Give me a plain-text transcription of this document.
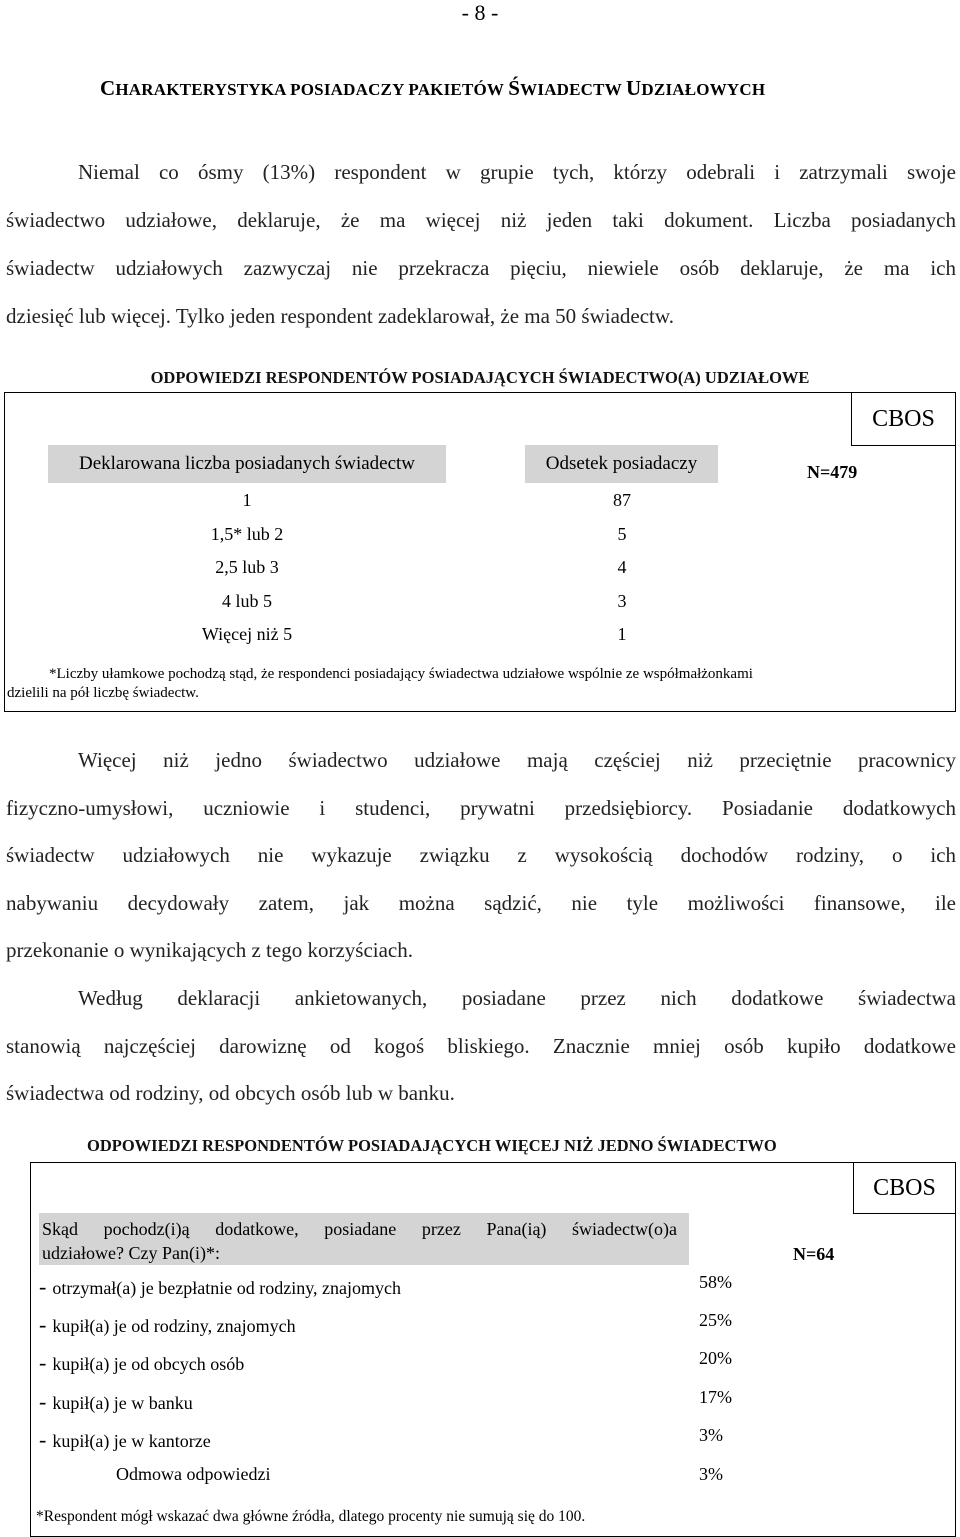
- 8 -
CHARAKTERYSTYKA POSIADACZY PAKIETÓW ŚWIADECTW UDZIAŁOWYCH
Niemal co ósmy (13%) respondent w grupie tych, którzy odebrali i zatrzymali swoje
świadectwo udziałowe, deklaruje, że ma więcej niż jeden taki dokument. Liczba posiadanych
świadectw udziałowych zazwyczaj nie przekracza pięciu, niewiele osób deklaruje, że ma ich
dziesięć lub więcej. Tylko jeden respondent zadeklarował, że ma 50 świadectw.
ODPOWIEDZI RESPONDENTÓW POSIADAJĄCYCH ŚWIADECTWO(A) UDZIAŁOWE
CBOS
Deklarowana liczba posiadanych świadectw	Odsetek posiadaczy	N=479
1	87
1,5* lub 2	5
2,5 lub 3	4
4 lub 5	3
Więcej niż 5	1
*Liczby ułamkowe pochodzą stąd, że respondenci posiadający świadectwa udziałowe wspólnie ze współmałżonkami
dzielili na pół liczbę świadectw.
Więcej niż jedno świadectwo udziałowe mają częściej niż przeciętnie pracownicy
fizyczno-umysłowi, uczniowie i studenci, prywatni przedsiębiorcy. Posiadanie dodatkowych
świadectw udziałowych nie wykazuje związku z wysokością dochodów rodziny, o ich
nabywaniu decydowały zatem, jak można sądzić, nie tyle możliwości finansowe, ile
przekonanie o wynikających z tego korzyściach.
Według deklaracji ankietowanych, posiadane przez nich dodatkowe świadectwa
stanowią najczęściej darowiznę od kogoś bliskiego. Znacznie mniej osób kupiło dodatkowe
świadectwa od rodziny, od obcych osób lub w banku.
ODPOWIEDZI RESPONDENTÓW POSIADAJĄCYCH WIĘCEJ NIŻ JEDNO ŚWIADECTWO
CBOS
Skąd pochodz(i)ą dodatkowe, posiadane przez Pana(ią) świadectw(o)a
udziałowe? Czy Pan(i)*:	N=64
- otrzymał(a) je bezpłatnie od rodziny, znajomych	58%
- kupił(a) je od rodziny, znajomych	25%
- kupił(a) je od obcych osób	20%
- kupił(a) je w banku	17%
- kupił(a) je w kantorze	3%
Odmowa odpowiedzi	3%
*Respondent mógł wskazać dwa główne źródła, dlatego procenty nie sumują się do 100.
